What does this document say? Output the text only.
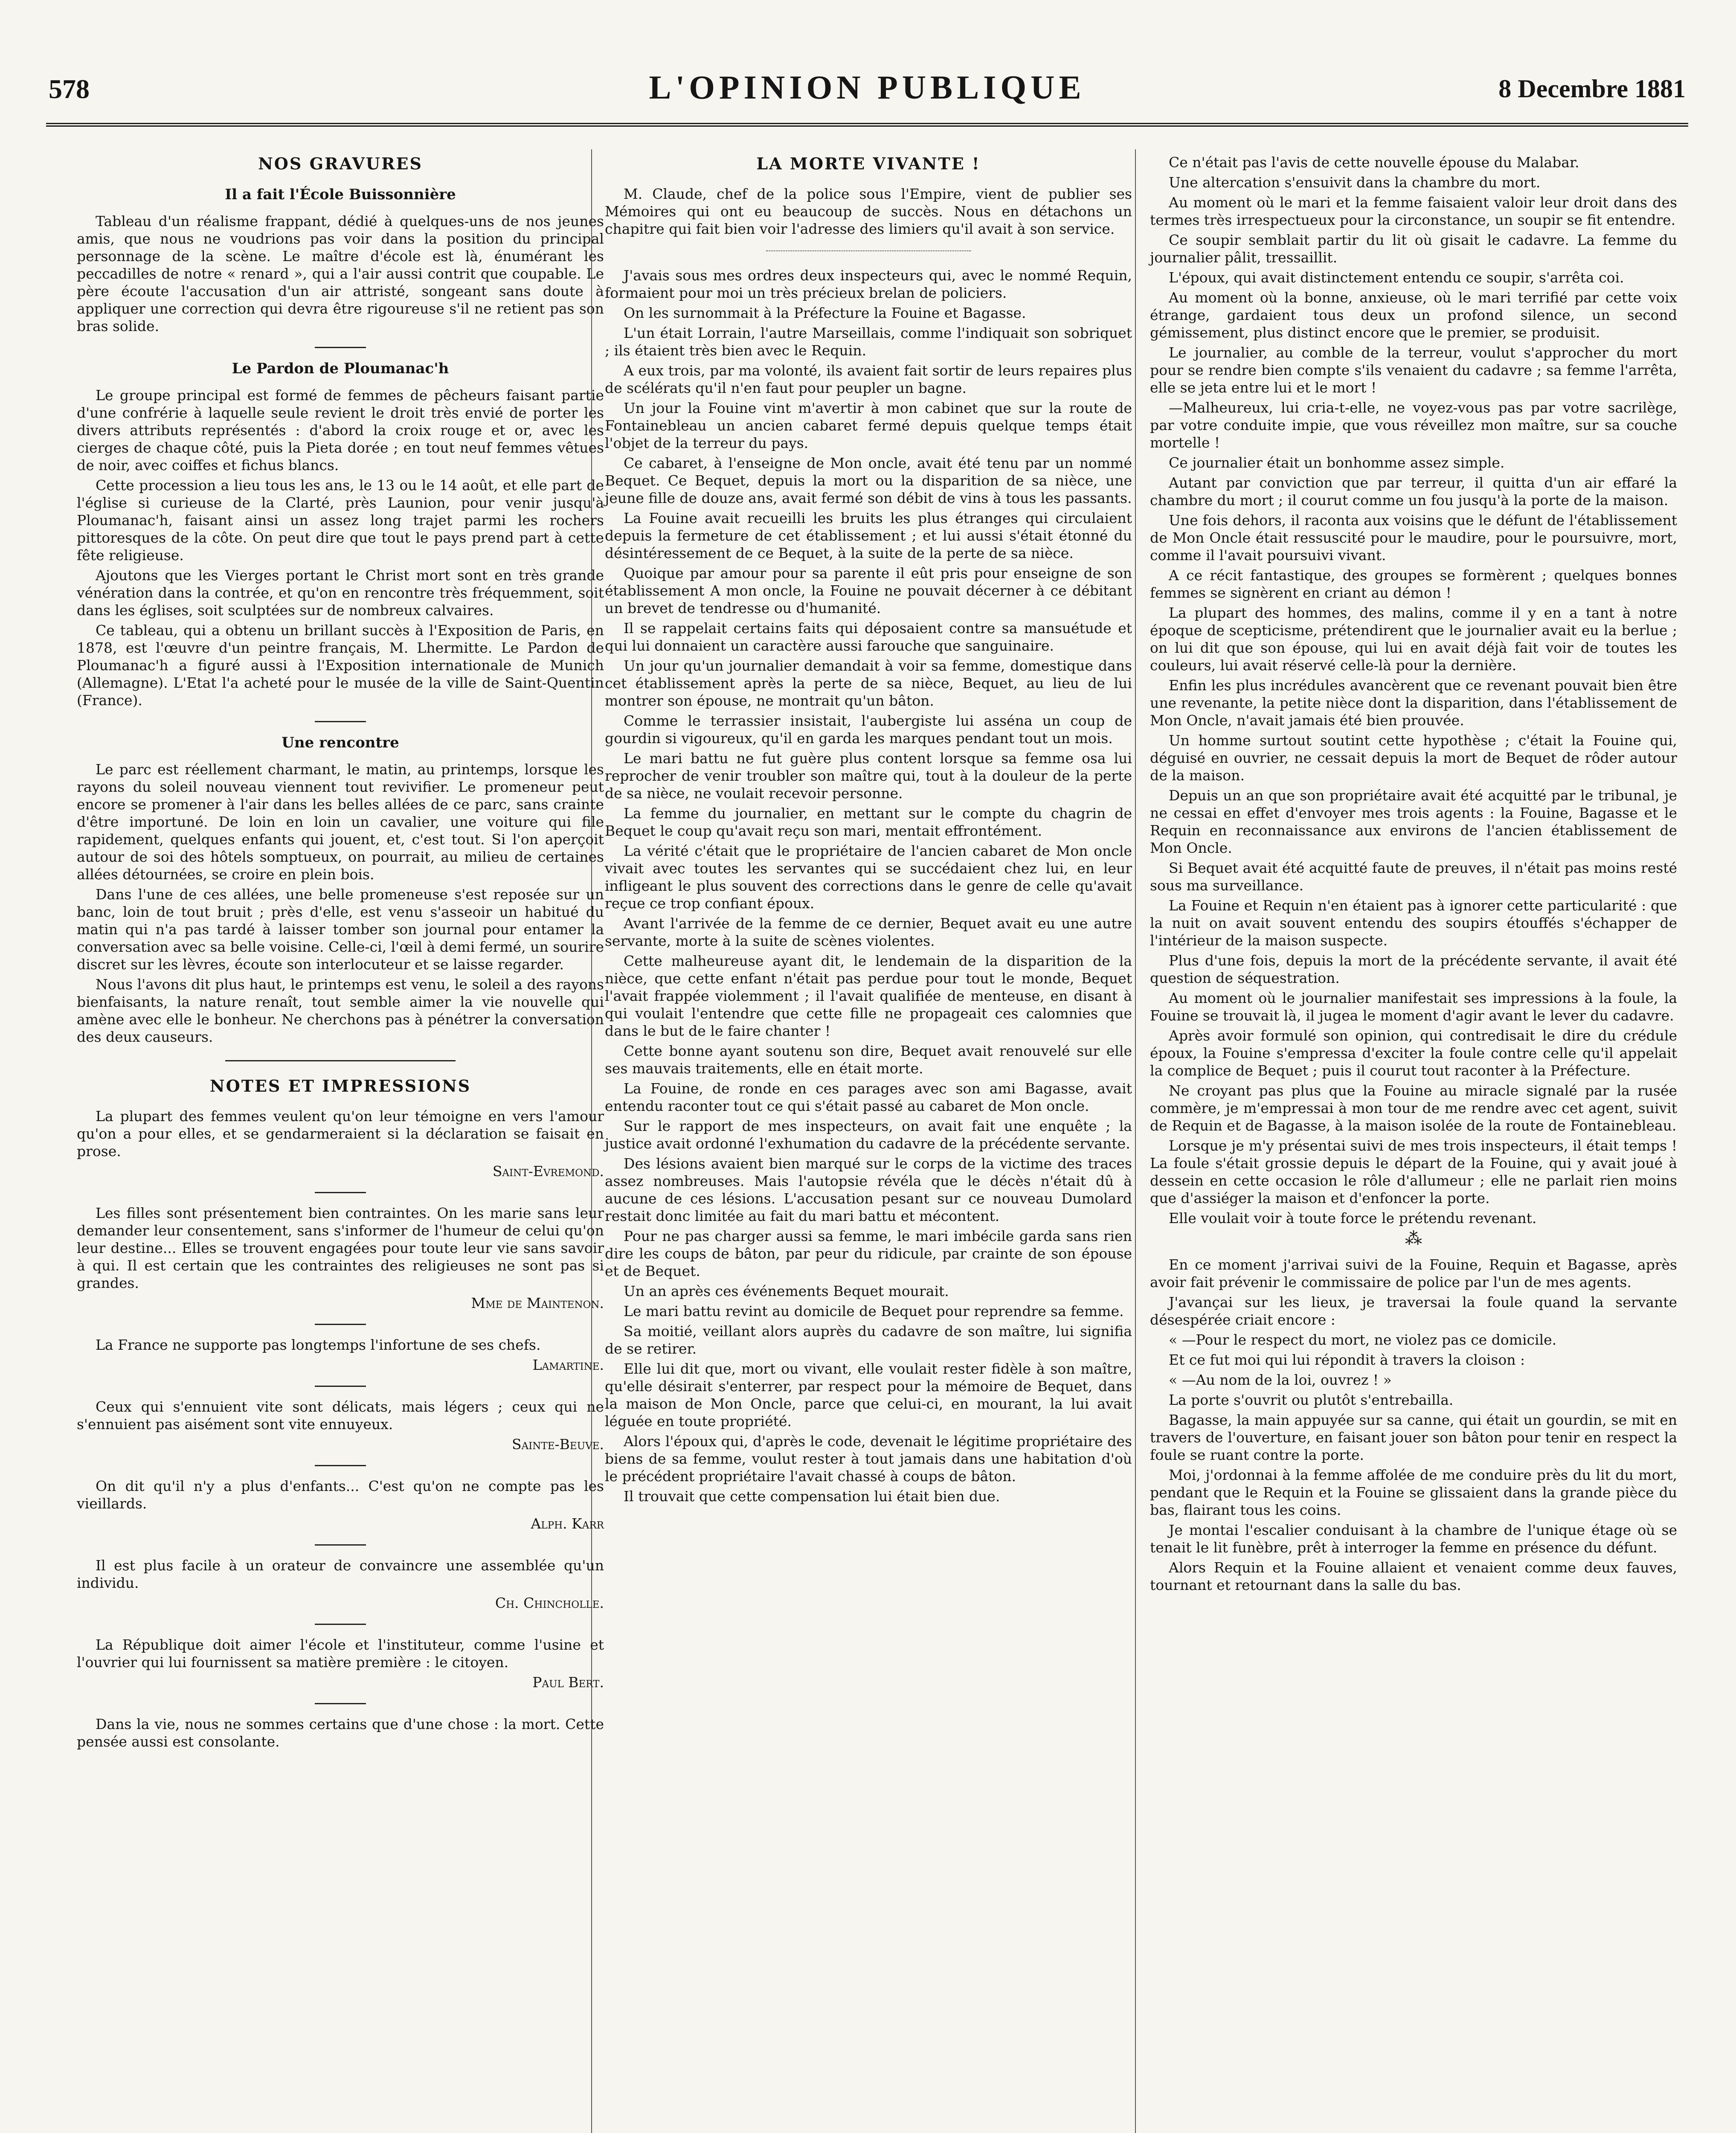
578	L'OPINION PUBLIQUE	8 Decembre 1881
NOS GRAVURES
Il a fait l'École Buissonnière

Tableau d'un réalisme frappant, dédié à quelques-uns de nos jeunes amis, que nous ne voudrions pas voir dans la position du principal personnage de la scène. Le maître d'école est là, énumérant les peccadilles de notre « renard », qui a l'air aussi contrit que coupable. Le père écoute l'accusation d'un air attristé, songeant sans doute à appliquer une correction qui devra être rigoureuse s'il ne retient pas son bras solide.

Le Pardon de Ploumanac'h

Le groupe principal est formé de femmes de pêcheurs faisant partie d'une confrérie à laquelle seule revient le droit très envié de porter les divers attributs représentés : d'abord la croix rouge et or, avec les cierges de chaque côté, puis la Pieta dorée ; en tout neuf femmes vêtues de noir, avec coiffes et fichus blancs.

Cette procession a lieu tous les ans, le 13 ou le 14 août, et elle part de l'église si curieuse de la Clarté, près Launion, pour venir jusqu'à Ploumanac'h, faisant ainsi un assez long trajet parmi les rochers pittoresques de la côte. On peut dire que tout le pays prend part à cette fête religieuse.

Ajoutons que les Vierges portant le Christ mort sont en très grande vénération dans la contrée, et qu'on en rencontre très fréquemment, soit dans les églises, soit sculptées sur de nombreux calvaires.

Ce tableau, qui a obtenu un brillant succès à l'Exposition de Paris, en 1878, est l'œuvre d'un peintre français, M. Lhermitte. Le Pardon de Ploumanac'h a figuré aussi à l'Exposition internationale de Munich (Allemagne). L'Etat l'a acheté pour le musée de la ville de Saint-Quentin (France).

Une rencontre

Le parc est réellement charmant, le matin, au printemps, lorsque les rayons du soleil nouveau viennent tout revivifier. Le promeneur peut encore se promener à l'air dans les belles allées de ce parc, sans crainte d'être importuné. De loin en loin un cavalier, une voiture qui file rapidement, quelques enfants qui jouent, et, c'est tout. Si l'on aperçoit autour de soi des hôtels somptueux, on pourrait, au milieu de certaines allées détournées, se croire en plein bois.

Dans l'une de ces allées, une belle promeneuse s'est reposée sur un banc, loin de tout bruit ; près d'elle, est venu s'asseoir un habitué du matin qui n'a pas tardé à laisser tomber son journal pour entamer la conversation avec sa belle voisine. Celle-ci, l'œil à demi fermé, un sourire discret sur les lèvres, écoute son interlocuteur et se laisse regarder.

Nous l'avons dit plus haut, le printemps est venu, le soleil a des rayons bienfaisants, la nature renaît, tout semble aimer la vie nouvelle qui amène avec elle le bonheur. Ne cherchons pas à pénétrer la conversation des deux causeurs.

NOTES ET IMPRESSIONS

La plupart des femmes veulent qu'on leur témoigne en vers l'amour qu'on a pour elles, et se gendarmeraient si la déclaration se faisait en prose.

Saint-Evremond.

Les filles sont présentement bien contraintes. On les marie sans leur demander leur consentement, sans s'informer de l'humeur de celui qu'on leur destine... Elles se trouvent engagées pour toute leur vie sans savoir à qui. Il est certain que les contraintes des religieuses ne sont pas si grandes.

Mme de Maintenon.

La France ne supporte pas longtemps l'infortune de ses chefs.

Lamartine.

Ceux qui s'ennuient vite sont délicats, mais légers ; ceux qui ne s'ennuient pas aisément sont vite ennuyeux.

Sainte-Beuve.

On dit qu'il n'y a plus d'enfants... C'est qu'on ne compte pas les vieillards.

Alph. Karr

Il est plus facile à un orateur de convaincre une assemblée qu'un individu.

Ch. Chincholle.

La République doit aimer l'école et l'instituteur, comme l'usine et l'ouvrier qui lui fournissent sa matière première : le citoyen.

Paul Bert.

Dans la vie, nous ne sommes certains que d'une chose : la mort. Cette pensée aussi est consolante.

LA MORTE VIVANTE !

M. Claude, chef de la police sous l'Empire, vient de publier ses Mémoires qui ont eu beaucoup de succès. Nous en détachons un chapitre qui fait bien voir l'adresse des limiers qu'il avait à son service.

J'avais sous mes ordres deux inspecteurs qui, avec le nommé Requin, formaient pour moi un très précieux brelan de policiers.

On les surnommait à la Préfecture la Fouine et Bagasse.

L'un était Lorrain, l'autre Marseillais, comme l'indiquait son sobriquet ; ils étaient très bien avec le Requin.

A eux trois, par ma volonté, ils avaient fait sortir de leurs repaires plus de scélérats qu'il n'en faut pour peupler un bagne.

Un jour la Fouine vint m'avertir à mon cabinet que sur la route de Fontainebleau un ancien cabaret fermé depuis quelque temps était l'objet de la terreur du pays.

Ce cabaret, à l'enseigne de Mon oncle, avait été tenu par un nommé Bequet. Ce Bequet, depuis la mort ou la disparition de sa nièce, une jeune fille de douze ans, avait fermé son débit de vins à tous les passants.

La Fouine avait recueilli les bruits les plus étranges qui circulaient depuis la fermeture de cet établissement ; et lui aussi s'était étonné du désintéressement de ce Bequet, à la suite de la perte de sa nièce.

Quoique par amour pour sa parente il eût pris pour enseigne de son établissement A mon oncle, la Fouine ne pouvait décerner à ce débitant un brevet de tendresse ou d'humanité.

Il se rappelait certains faits qui déposaient contre sa mansuétude et qui lui donnaient un caractère aussi farouche que sanguinaire.

Un jour qu'un journalier demandait à voir sa femme, domestique dans cet établissement après la perte de sa nièce, Bequet, au lieu de lui montrer son épouse, ne montrait qu'un bâton.

Comme le terrassier insistait, l'aubergiste lui asséna un coup de gourdin si vigoureux, qu'il en garda les marques pendant tout un mois.

Le mari battu ne fut guère plus content lorsque sa femme osa lui reprocher de venir troubler son maître qui, tout à la douleur de la perte de sa nièce, ne voulait recevoir personne.

La femme du journalier, en mettant sur le compte du chagrin de Bequet le coup qu'avait reçu son mari, mentait effrontément.

La vérité c'était que le propriétaire de l'ancien cabaret de Mon oncle vivait avec toutes les servantes qui se succédaient chez lui, en leur infligeant le plus souvent des corrections dans le genre de celle qu'avait reçue ce trop confiant époux.

Avant l'arrivée de la femme de ce dernier, Bequet avait eu une autre servante, morte à la suite de scènes violentes.

Cette malheureuse ayant dit, le lendemain de la disparition de la nièce, que cette enfant n'était pas perdue pour tout le monde, Bequet l'avait frappée violemment ; il l'avait qualifiée de menteuse, en disant à qui voulait l'entendre que cette fille ne propageait ces calomnies que dans le but de le faire chanter !

Cette bonne ayant soutenu son dire, Bequet avait renouvelé sur elle ses mauvais traitements, elle en était morte.

La Fouine, de ronde en ces parages avec son ami Bagasse, avait entendu raconter tout ce qui s'était passé au cabaret de Mon oncle.

Sur le rapport de mes inspecteurs, on avait fait une enquête ; la justice avait ordonné l'exhumation du cadavre de la précédente servante.

Des lésions avaient bien marqué sur le corps de la victime des traces assez nombreuses. Mais l'autopsie révéla que le décès n'était dû à aucune de ces lésions. L'accusation pesant sur ce nouveau Dumolard restait donc limitée au fait du mari battu et mécontent.

Pour ne pas charger aussi sa femme, le mari imbécile garda sans rien dire les coups de bâton, par peur du ridicule, par crainte de son épouse et de Bequet.

Un an après ces événements Bequet mourait.

Le mari battu revint au domicile de Bequet pour reprendre sa femme.

Sa moitié, veillant alors auprès du cadavre de son maître, lui signifia de se retirer.

Elle lui dit que, mort ou vivant, elle voulait rester fidèle à son maître, qu'elle désirait s'enterrer, par respect pour la mémoire de Bequet, dans la maison de Mon Oncle, parce que celui-ci, en mourant, la lui avait léguée en toute propriété.

Alors l'époux qui, d'après le code, devenait le légitime propriétaire des biens de sa femme, voulut rester à tout jamais dans une habitation d'où le précédent propriétaire l'avait chassé à coups de bâton.

Il trouvait que cette compensation lui était bien due.

Ce n'était pas l'avis de cette nouvelle épouse du Malabar.

Une altercation s'ensuivit dans la chambre du mort.

Au moment où le mari et la femme faisaient valoir leur droit dans des termes très irrespectueux pour la circonstance, un soupir se fit entendre.

Ce soupir semblait partir du lit où gisait le cadavre. La femme du journalier pâlit, tressaillit.

L'époux, qui avait distinctement entendu ce soupir, s'arrêta coi.

Au moment où la bonne, anxieuse, où le mari terrifié par cette voix étrange, gardaient tous deux un profond silence, un second gémissement, plus distinct encore que le premier, se produisit.

Le journalier, au comble de la terreur, voulut s'approcher du mort pour se rendre bien compte s'ils venaient du cadavre ; sa femme l'arrêta, elle se jeta entre lui et le mort !

—Malheureux, lui cria-t-elle, ne voyez-vous pas par votre sacrilège, par votre conduite impie, que vous réveillez mon maître, sur sa couche mortelle !

Ce journalier était un bonhomme assez simple.

Autant par conviction que par terreur, il quitta d'un air effaré la chambre du mort ; il courut comme un fou jusqu'à la porte de la maison.

Une fois dehors, il raconta aux voisins que le défunt de l'établissement de Mon Oncle était ressuscité pour le maudire, pour le poursuivre, mort, comme il l'avait poursuivi vivant.

A ce récit fantastique, des groupes se formèrent ; quelques bonnes femmes se signèrent en criant au démon !

La plupart des hommes, des malins, comme il y en a tant à notre époque de scepticisme, prétendirent que le journalier avait eu la berlue ; on lui dit que son épouse, qui lui en avait déjà fait voir de toutes les couleurs, lui avait réservé celle-là pour la dernière.

Enfin les plus incrédules avancèrent que ce revenant pouvait bien être une revenante, la petite nièce dont la disparition, dans l'établissement de Mon Oncle, n'avait jamais été bien prouvée.

Un homme surtout soutint cette hypothèse ; c'était la Fouine qui, déguisé en ouvrier, ne cessait depuis la mort de Bequet de rôder autour de la maison.

Depuis un an que son propriétaire avait été acquitté par le tribunal, je ne cessai en effet d'envoyer mes trois agents : la Fouine, Bagasse et le Requin en reconnaissance aux environs de l'ancien établissement de Mon Oncle.

Si Bequet avait été acquitté faute de preuves, il n'était pas moins resté sous ma surveillance.

La Fouine et Requin n'en étaient pas à ignorer cette particularité : que la nuit on avait souvent entendu des soupirs étouffés s'échapper de l'intérieur de la maison suspecte.

Plus d'une fois, depuis la mort de la précédente servante, il avait été question de séquestration.

Au moment où le journalier manifestait ses impressions à la foule, la Fouine se trouvait là, il jugea le moment d'agir avant le lever du cadavre.

Après avoir formulé son opinion, qui contredisait le dire du crédule époux, la Fouine s'empressa d'exciter la foule contre celle qu'il appelait la complice de Bequet ; puis il courut tout raconter à la Préfecture.

Ne croyant pas plus que la Fouine au miracle signalé par la rusée commère, je m'empressai à mon tour de me rendre avec cet agent, suivit de Requin et de Bagasse, à la maison isolée de la route de Fontainebleau.

Lorsque je m'y présentai suivi de mes trois inspecteurs, il était temps ! La foule s'était grossie depuis le départ de la Fouine, qui y avait joué à dessein en cette occasion le rôle d'allumeur ; elle ne parlait rien moins que d'assiéger la maison et d'enfoncer la porte.

Elle voulait voir à toute force le prétendu revenant.

⁂

En ce moment j'arrivai suivi de la Fouine, Requin et Bagasse, après avoir fait prévenir le commissaire de police par l'un de mes agents.

J'avançai sur les lieux, je traversai la foule quand la servante désespérée criait encore :

« —Pour le respect du mort, ne violez pas ce domicile.

Et ce fut moi qui lui répondit à travers la cloison :

« —Au nom de la loi, ouvrez ! »

La porte s'ouvrit ou plutôt s'entrebailla.

Bagasse, la main appuyée sur sa canne, qui était un gourdin, se mit en travers de l'ouverture, en faisant jouer son bâton pour tenir en respect la foule se ruant contre la porte.

Moi, j'ordonnai à la femme affolée de me conduire près du lit du mort, pendant que le Requin et la Fouine se glissaient dans la grande pièce du bas, flairant tous les coins.

Je montai l'escalier conduisant à la chambre de l'unique étage où se tenait le lit funèbre, prêt à interroger la femme en présence du défunt.

Alors Requin et la Fouine allaient et venaient comme deux fauves, tournant et retournant dans la salle du bas.
